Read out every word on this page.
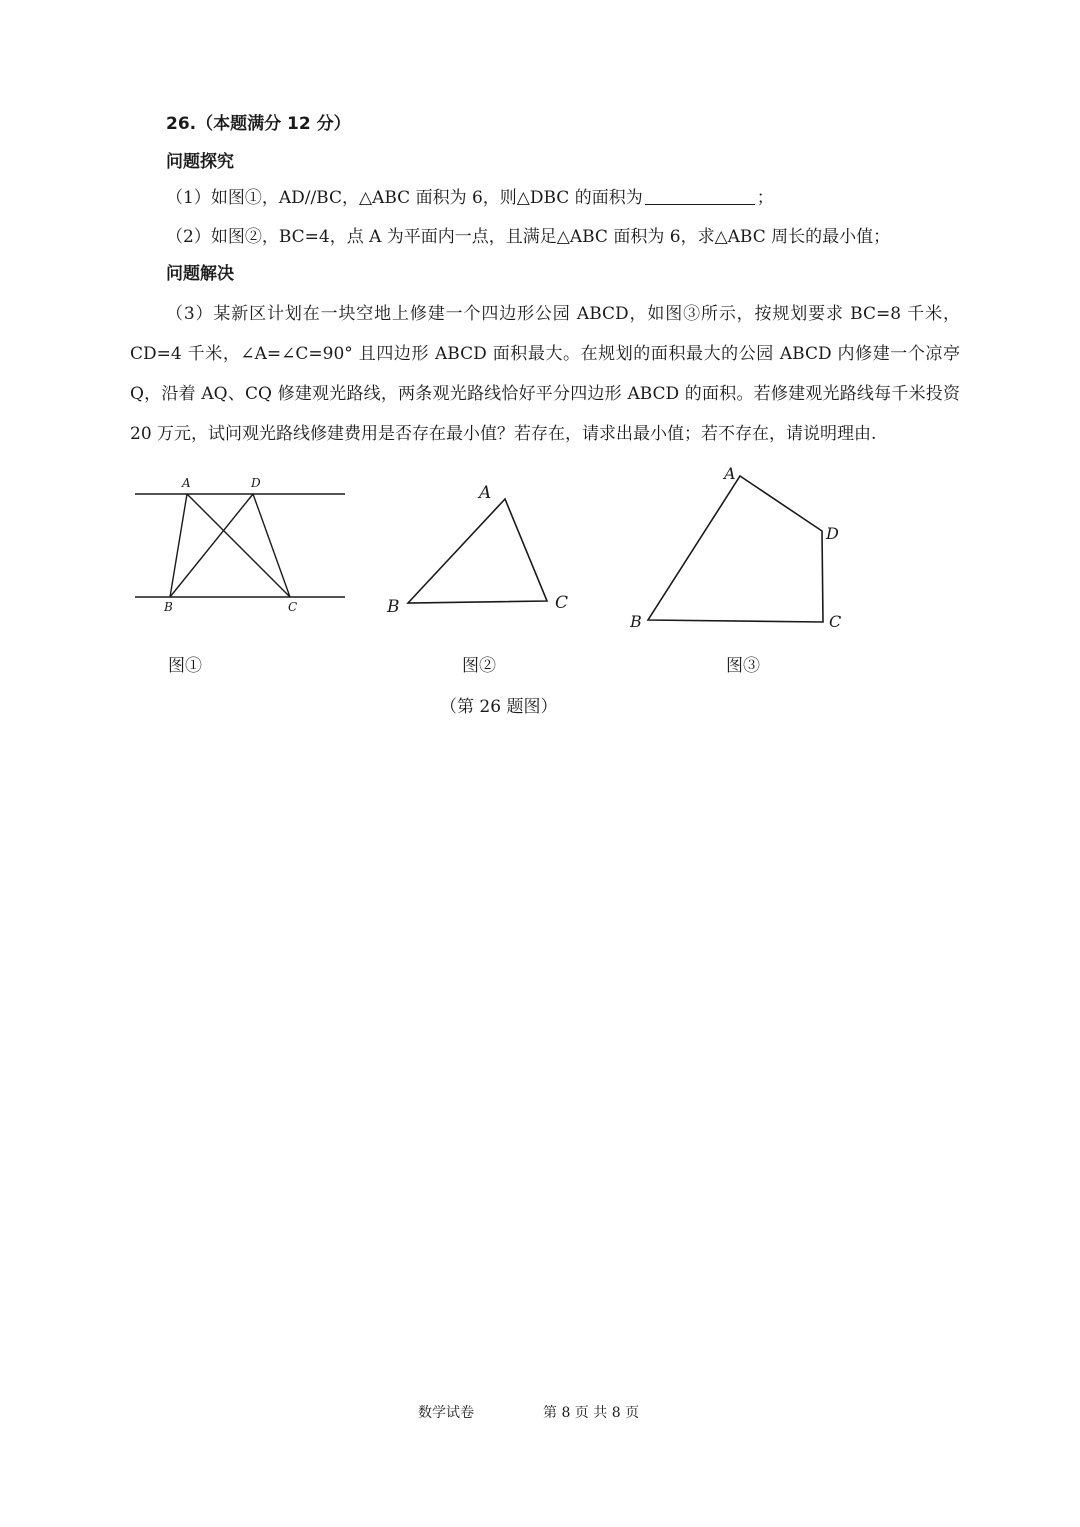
26.（本题满分 12 分）
问题探究
（1）如图①，AD//BC，△ABC 面积为 6，则△DBC 的面积为	；
（2）如图②，BC=4，点 A 为平面内一点，且满足△ABC 面积为 6，求△ABC 周长的最小值；
问题解决
（3）某新区计划在一块空地上修建一个四边形公园 ABCD，如图③所示，按规划要求 BC=8 千米，CD=4 千米，∠A=∠C=90° 且四边形 ABCD 面积最大。在规划的面积最大的公园 ABCD 内修建一个凉亭 Q，沿着 AQ、CQ 修建观光路线，两条观光路线恰好平分四边形 ABCD 的面积。若修建观光路线每千米投资 20 万元，试问观光路线修建费用是否存在最小值？若存在，请求出最小值；若不存在，请说明理由.
A	D
B	C
A
B	C
A
D
B	C
图①	图②	图③
（第 26 题图）
数学试卷	第 8 页 共 8 页
